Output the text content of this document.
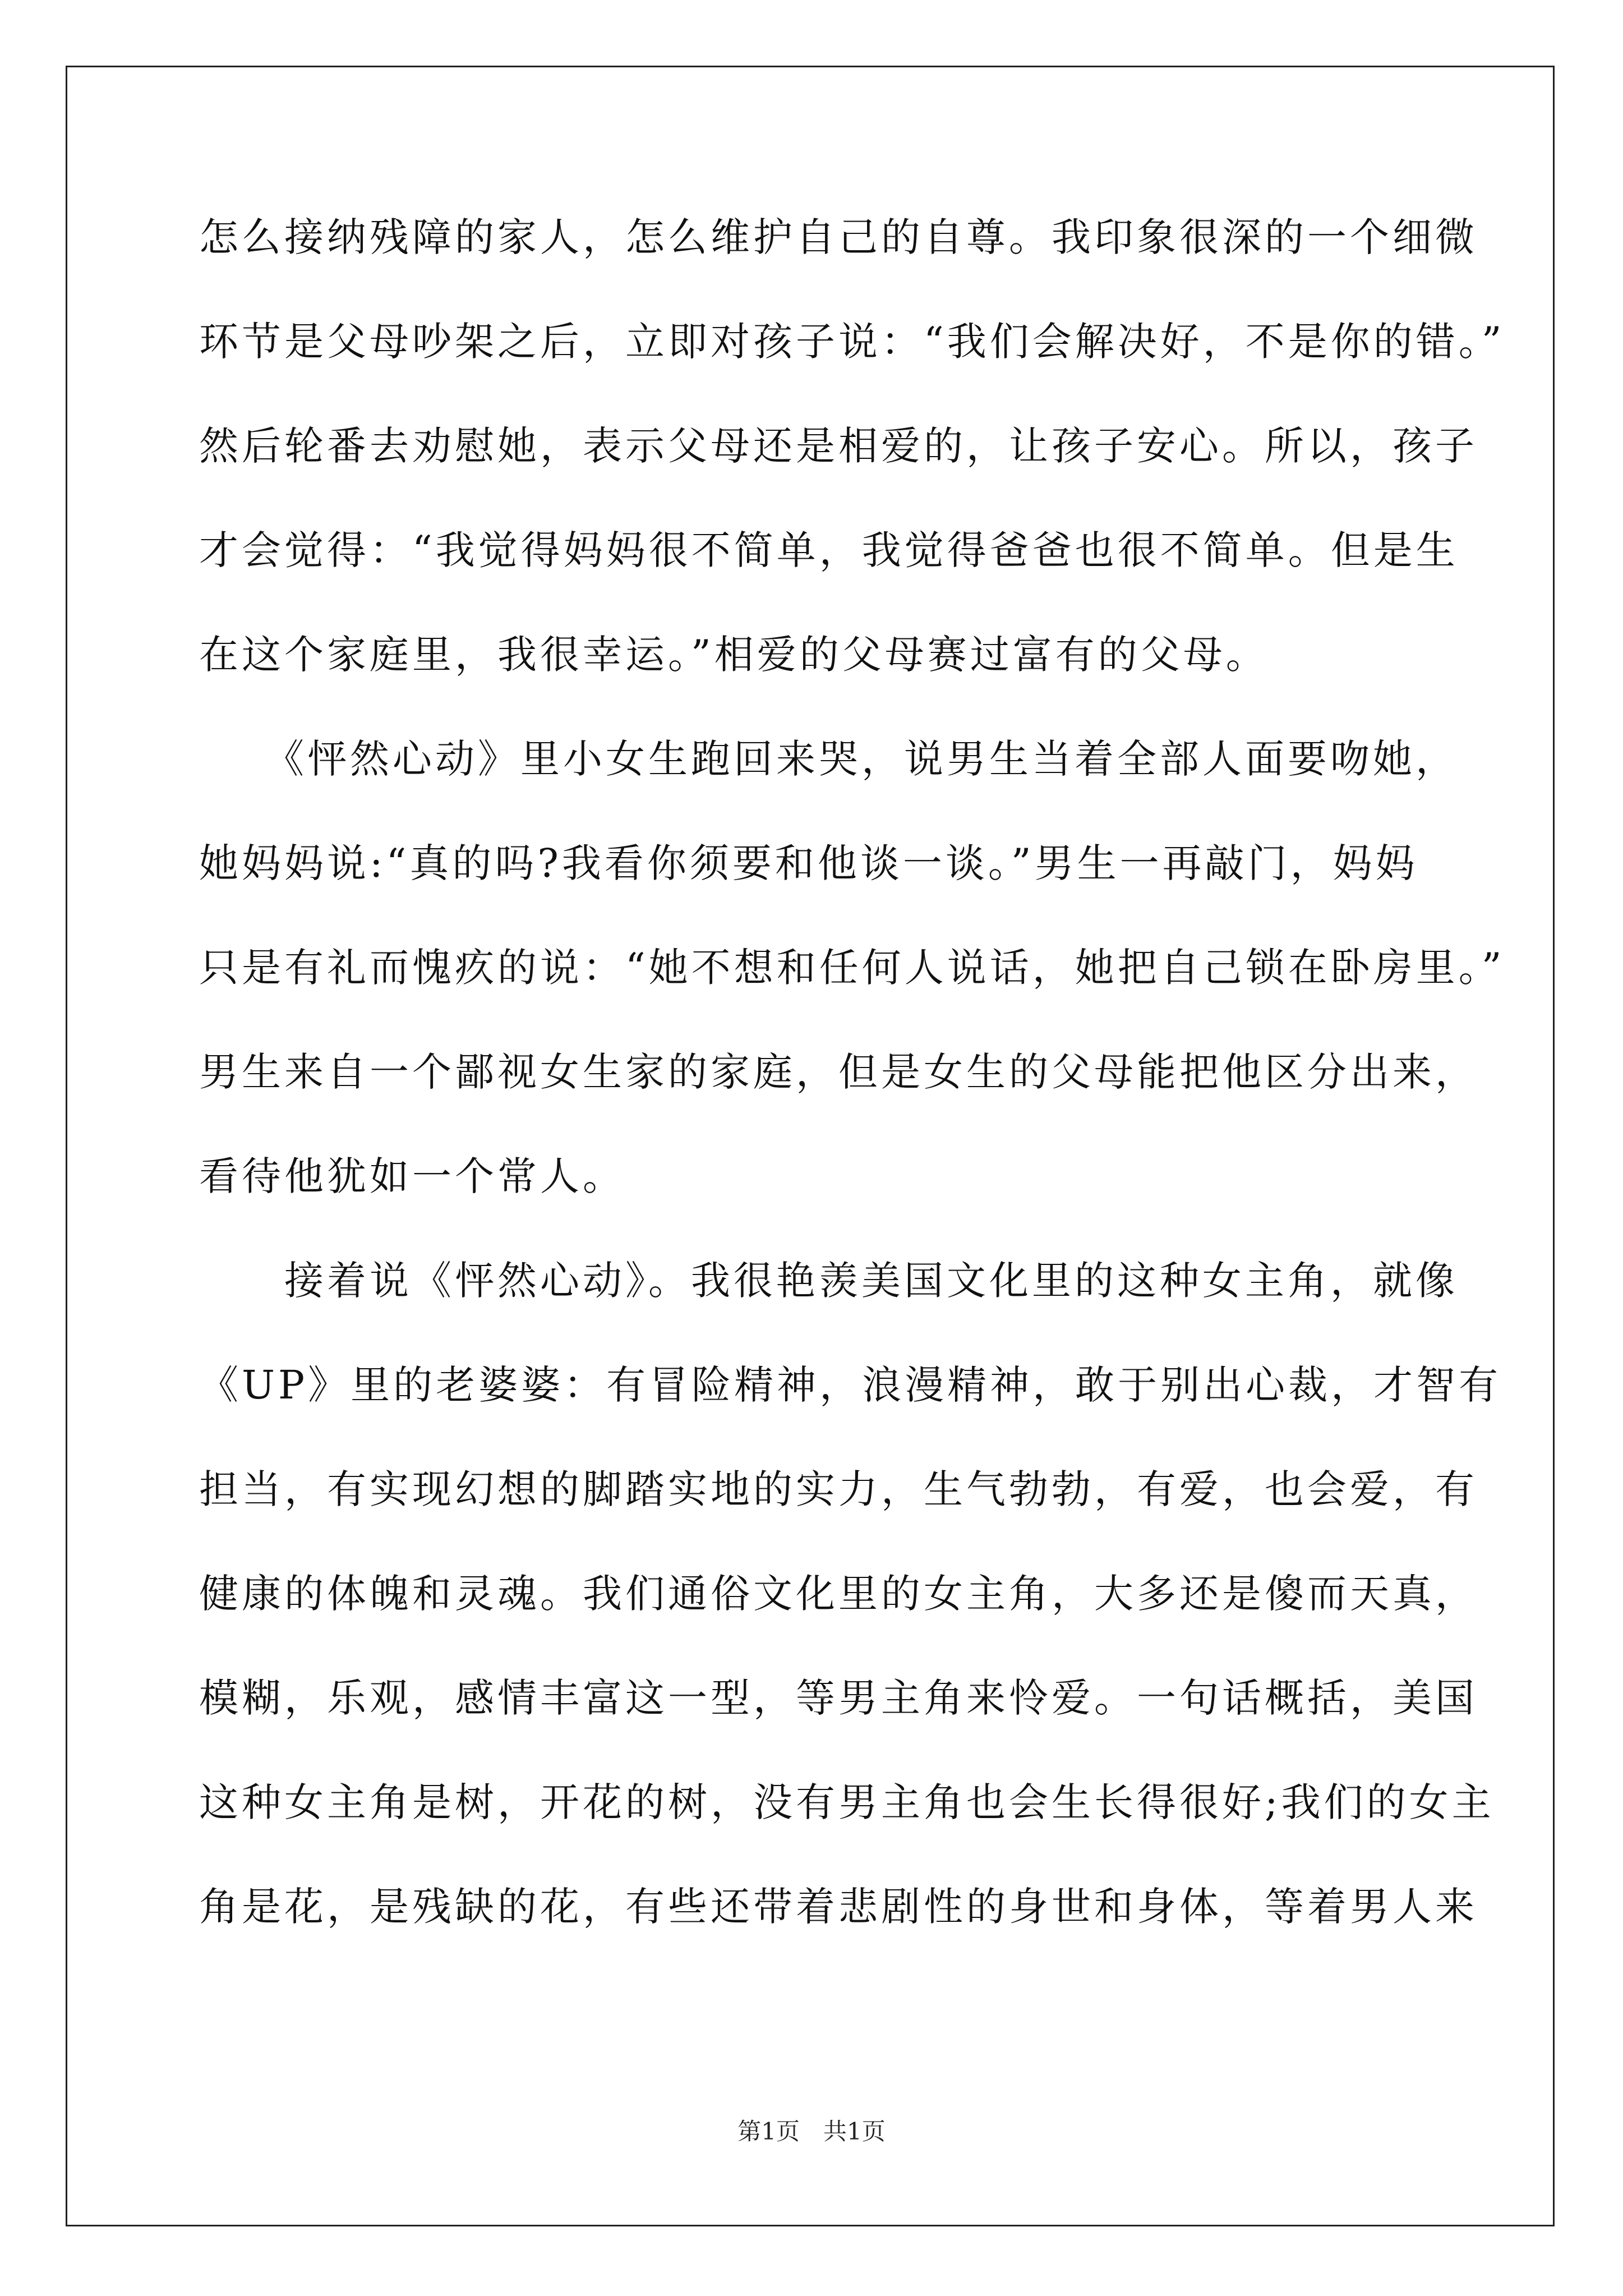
怎么接纳残障的家人，怎么维护自己的自尊。我印象很深的一个细微
环节是父母吵架之后，立即对孩子说：“我们会解决好，不是你的错。”
然后轮番去劝慰她，表示父母还是相爱的，让孩子安心。所以，孩子
才会觉得：“我觉得妈妈很不简单，我觉得爸爸也很不简单。但是生
在这个家庭里，我很幸运。”相爱的父母赛过富有的父母。
　　《怦然心动》里小女生跑回来哭，说男生当着全部人面要吻她，
她妈妈说:“真的吗?我看你须要和他谈一谈。”男生一再敲门，妈妈
只是有礼而愧疚的说：“她不想和任何人说话，她把自己锁在卧房里。”
男生来自一个鄙视女生家的家庭，但是女生的父母能把他区分出来，
看待他犹如一个常人。
　　接着说《怦然心动》。我很艳羡美国文化里的这种女主角，就像
《UP》里的老婆婆：有冒险精神，浪漫精神，敢于别出心裁，才智有
担当，有实现幻想的脚踏实地的实力，生气勃勃，有爱，也会爱，有
健康的体魄和灵魂。我们通俗文化里的女主角，大多还是傻而天真，
模糊，乐观，感情丰富这一型，等男主角来怜爱。一句话概括，美国
这种女主角是树，开花的树，没有男主角也会生长得很好;我们的女主
角是花，是残缺的花，有些还带着悲剧性的身世和身体，等着男人来
第1页　共1页
